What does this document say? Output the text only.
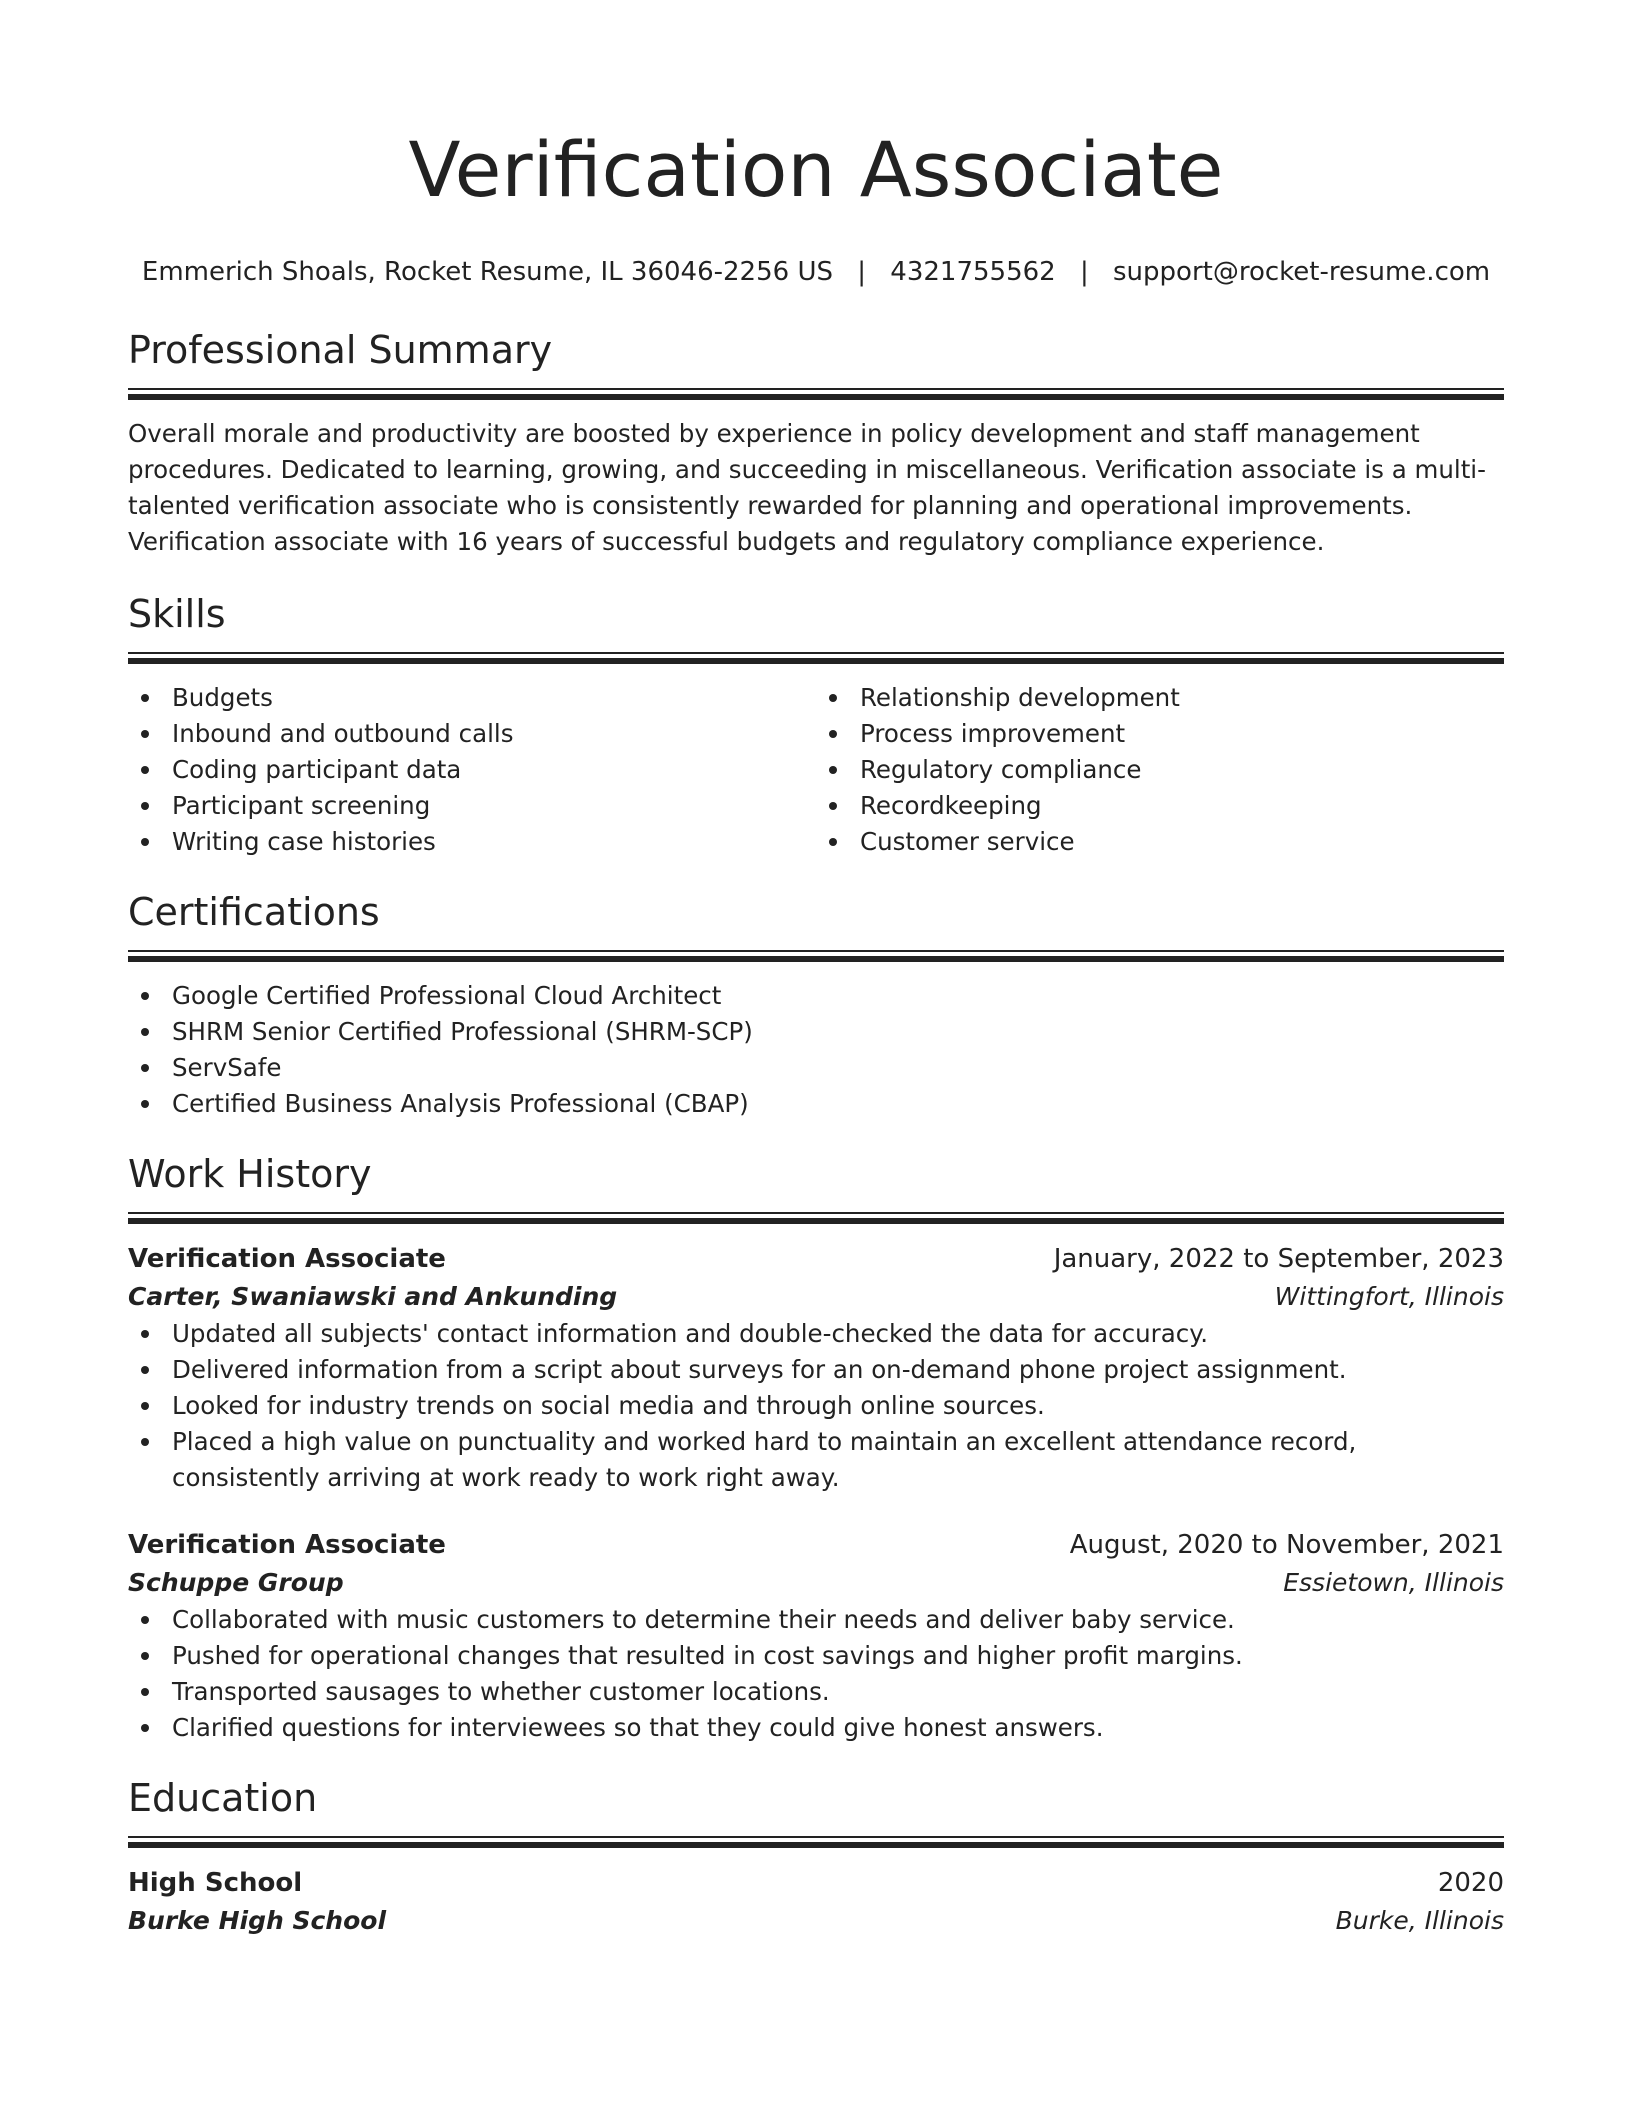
Verification Associate
Emmerich Shoals, Rocket Resume, IL 36046-2256 US | 4321755562 | support@rocket-resume.com
Professional Summary

Overall morale and productivity are boosted by experience in policy development and staff management procedures. Dedicated to learning, growing, and succeeding in miscellaneous. Verification associate is a multi-talented verification associate who is consistently rewarded for planning and operational improvements. Verification associate with 16 years of successful budgets and regulatory compliance experience.

Skills
Budgets
Inbound and outbound calls
Coding participant data
Participant screening
Writing case histories
Relationship development
Process improvement
Regulatory compliance
Recordkeeping
Customer service
Certifications
Google Certified Professional Cloud Architect
SHRM Senior Certified Professional (SHRM-SCP)
ServSafe
Certified Business Analysis Professional (CBAP)
Work History
Verification Associate	January, 2022 to September, 2023
Carter, Swaniawski and Ankunding	Wittingfort, Illinois
Updated all subjects' contact information and double-checked the data for accuracy.
Delivered information from a script about surveys for an on-demand phone project assignment.
Looked for industry trends on social media and through online sources.
Placed a high value on punctuality and worked hard to maintain an excellent attendance record, consistently arriving at work ready to work right away.
Verification Associate	August, 2020 to November, 2021
Schuppe Group	Essietown, Illinois
Collaborated with music customers to determine their needs and deliver baby service.
Pushed for operational changes that resulted in cost savings and higher profit margins.
Transported sausages to whether customer locations.
Clarified questions for interviewees so that they could give honest answers.
Education
High School	2020
Burke High School	Burke, Illinois
